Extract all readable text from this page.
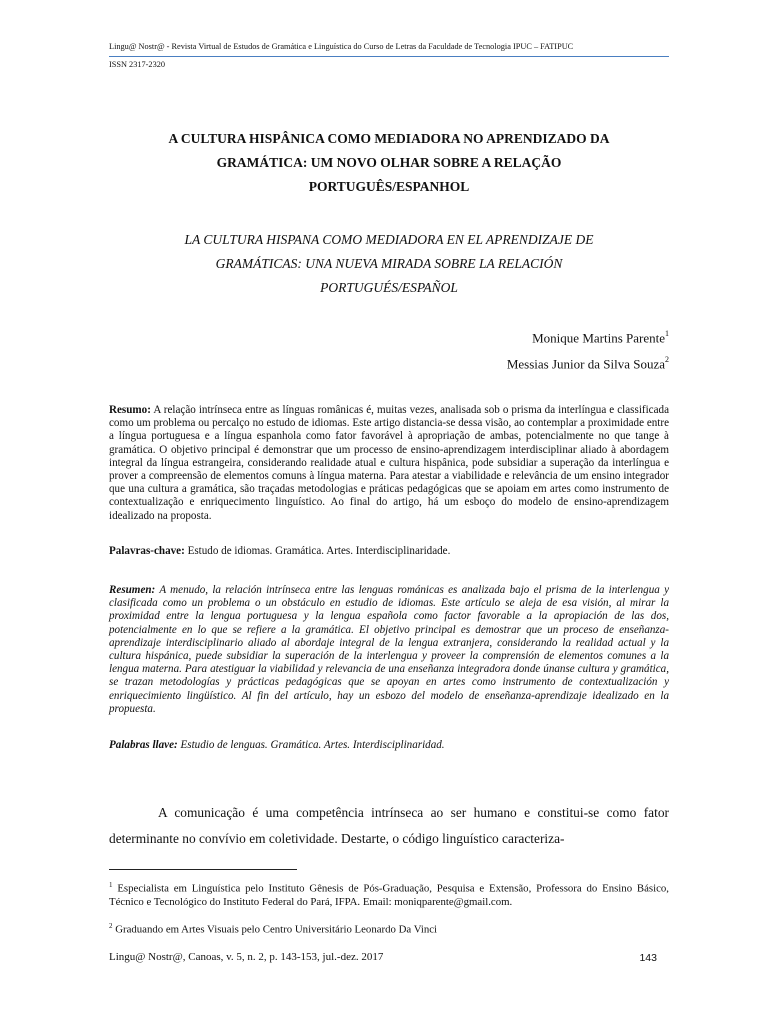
Lingu@ Nostr@ - Revista Virtual de Estudos de Gramática e Linguística do Curso de Letras da Faculdade de Tecnologia IPUC – FATIPUC
ISSN 2317-2320
A CULTURA HISPÂNICA COMO MEDIADORA NO APRENDIZADO DA
GRAMÁTICA: UM NOVO OLHAR SOBRE A RELAÇÃO
PORTUGUÊS/ESPANHOL
LA CULTURA HISPANA COMO MEDIADORA EN EL APRENDIZAJE DE
GRAMÁTICAS: UNA NUEVA MIRADA SOBRE LA RELACIÓN
PORTUGUÉS/ESPAÑOL
Monique Martins Parente$^1$
Messias Junior da Silva Souza$^2$
Resumo: A relação intrínseca entre as línguas românicas é, muitas vezes, analisada sob o prisma da interlíngua e classificada como um problema ou percalço no estudo de idiomas. Este artigo distancia-se dessa visão, ao contemplar a proximidade entre a língua portuguesa e a língua espanhola como fator favorável à apropriação de ambas, potencialmente no que tange à gramática. O objetivo principal é demonstrar que um processo de ensino-aprendizagem interdisciplinar aliado à abordagem integral da língua estrangeira, considerando realidade atual e cultura hispânica, pode subsidiar a superação da interlíngua e prover a compreensão de elementos comuns à língua materna. Para atestar a viabilidade e relevância de um ensino integrador que una cultura a gramática, são traçadas metodologias e práticas pedagógicas que se apoiam em artes como instrumento de contextualização e enriquecimento linguístico. Ao final do artigo, há um esboço do modelo de ensino-aprendizagem idealizado na proposta.
Palavras-chave: Estudo de idiomas. Gramática. Artes. Interdisciplinaridade.
Resumen: A menudo, la relación intrínseca entre las lenguas románicas es analizada bajo el prisma de la interlengua y clasificada como un problema o un obstáculo en estudio de idiomas. Este artículo se aleja de esa visión, al mirar la proximidad entre la lengua portuguesa y la lengua española como factor favorable a la apropiación de las dos, potencialmente en lo que se refiere a la gramática. El objetivo principal es demostrar que un proceso de enseñanza-aprendizaje interdisciplinario aliado al abordaje integral de la lengua extranjera, considerando la realidad actual y la cultura hispánica, puede subsidiar la superación de la interlengua y proveer la comprensión de elementos comunes a la lengua materna. Para atestiguar la viabilidad y relevancia de una enseñanza integradora donde únanse cultura y gramática, se trazan metodologías y prácticas pedagógicas que se apoyan en artes como instrumento de contextualización y enriquecimiento lingüístico. Al fin del artículo, hay un esbozo del modelo de enseñanza-aprendizaje idealizado en la propuesta.
Palabras llave: Estudio de lenguas. Gramática. Artes. Interdisciplinaridad.
A comunicação é uma competência intrínseca ao ser humano e constitui-se como fator determinante no convívio em coletividade. Destarte, o código linguístico caracteriza-
$^1$ Especialista em Linguística pelo Instituto Gênesis de Pós-Graduação, Pesquisa e Extensão, Professora do Ensino Básico, Técnico e Tecnológico do Instituto Federal do Pará, IFPA. Email: moniqparente@gmail.com.
$^2$ Graduando em Artes Visuais pelo Centro Universitário Leonardo Da Vinci
Lingu@ Nostr@, Canoas, v. 5, n. 2, p. 143-153, jul.-dez. 2017	143
